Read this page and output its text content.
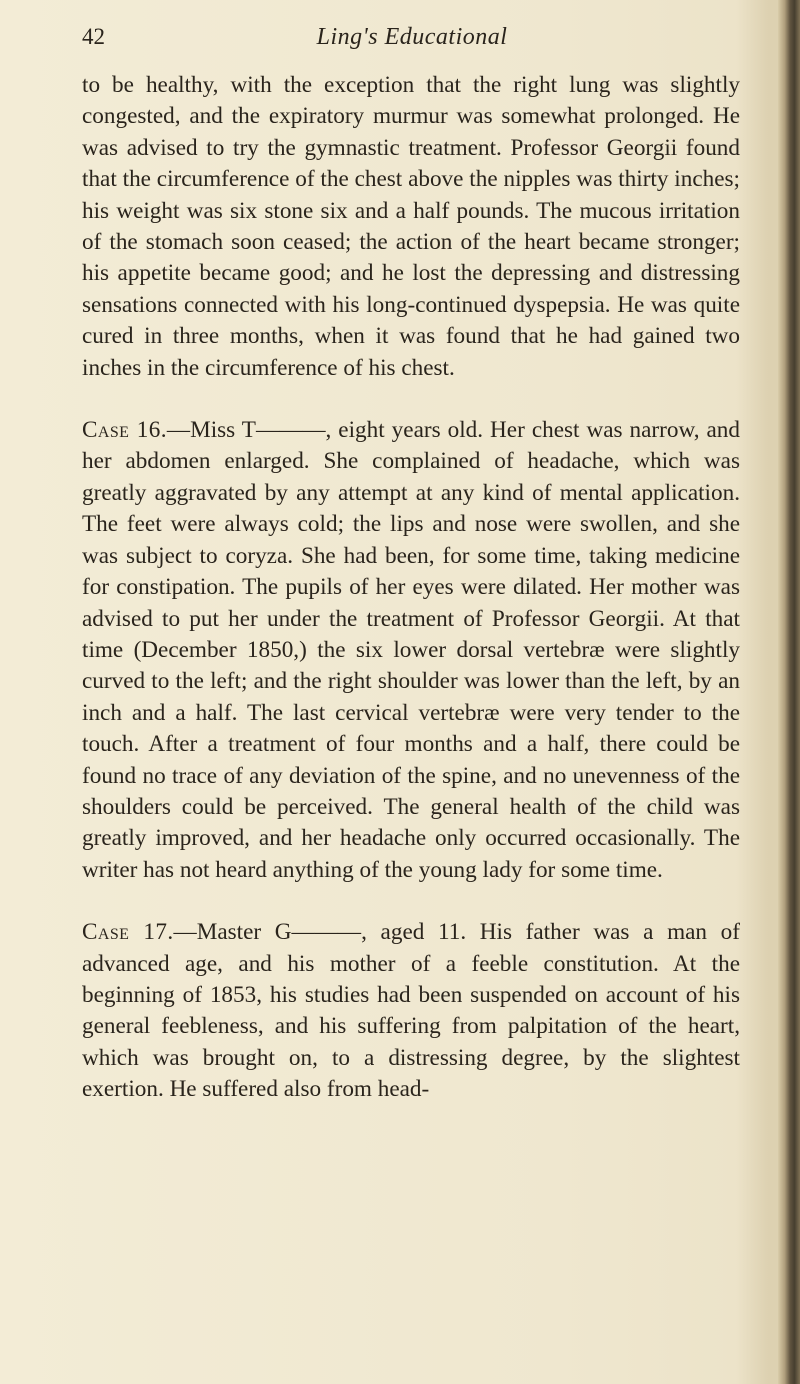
42	Ling's Educational

to be healthy, with the exception that the right lung was slightly congested, and the expiratory murmur was somewhat prolonged. He was advised to try the gymnastic treatment. Professor Georgii found that the circumference of the chest above the nipples was thirty inches; his weight was six stone six and a half pounds. The mucous irritation of the stomach soon ceased; the action of the heart became stronger; his appetite became good; and he lost the depressing and distressing sensations connected with his long-continued dyspepsia. He was quite cured in three months, when it was found that he had gained two inches in the circumference of his chest.

Case 16.—Miss T———, eight years old. Her chest was narrow, and her abdomen enlarged. She complained of headache, which was greatly aggravated by any attempt at any kind of mental application. The feet were always cold; the lips and nose were swollen, and she was subject to coryza. She had been, for some time, taking medicine for constipation. The pupils of her eyes were dilated. Her mother was advised to put her under the treatment of Professor Georgii. At that time (December 1850,) the six lower dorsal vertebræ were slightly curved to the left; and the right shoulder was lower than the left, by an inch and a half. The last cervical vertebræ were very tender to the touch. After a treatment of four months and a half, there could be found no trace of any deviation of the spine, and no unevenness of the shoulders could be perceived. The general health of the child was greatly improved, and her headache only occurred occasionally. The writer has not heard anything of the young lady for some time.

Case 17.—Master G———, aged 11. His father was a man of advanced age, and his mother of a feeble constitution. At the beginning of 1853, his studies had been suspended on account of his general feebleness, and his suffering from palpitation of the heart, which was brought on, to a distressing degree, by the slightest exertion. He suffered also from head-
